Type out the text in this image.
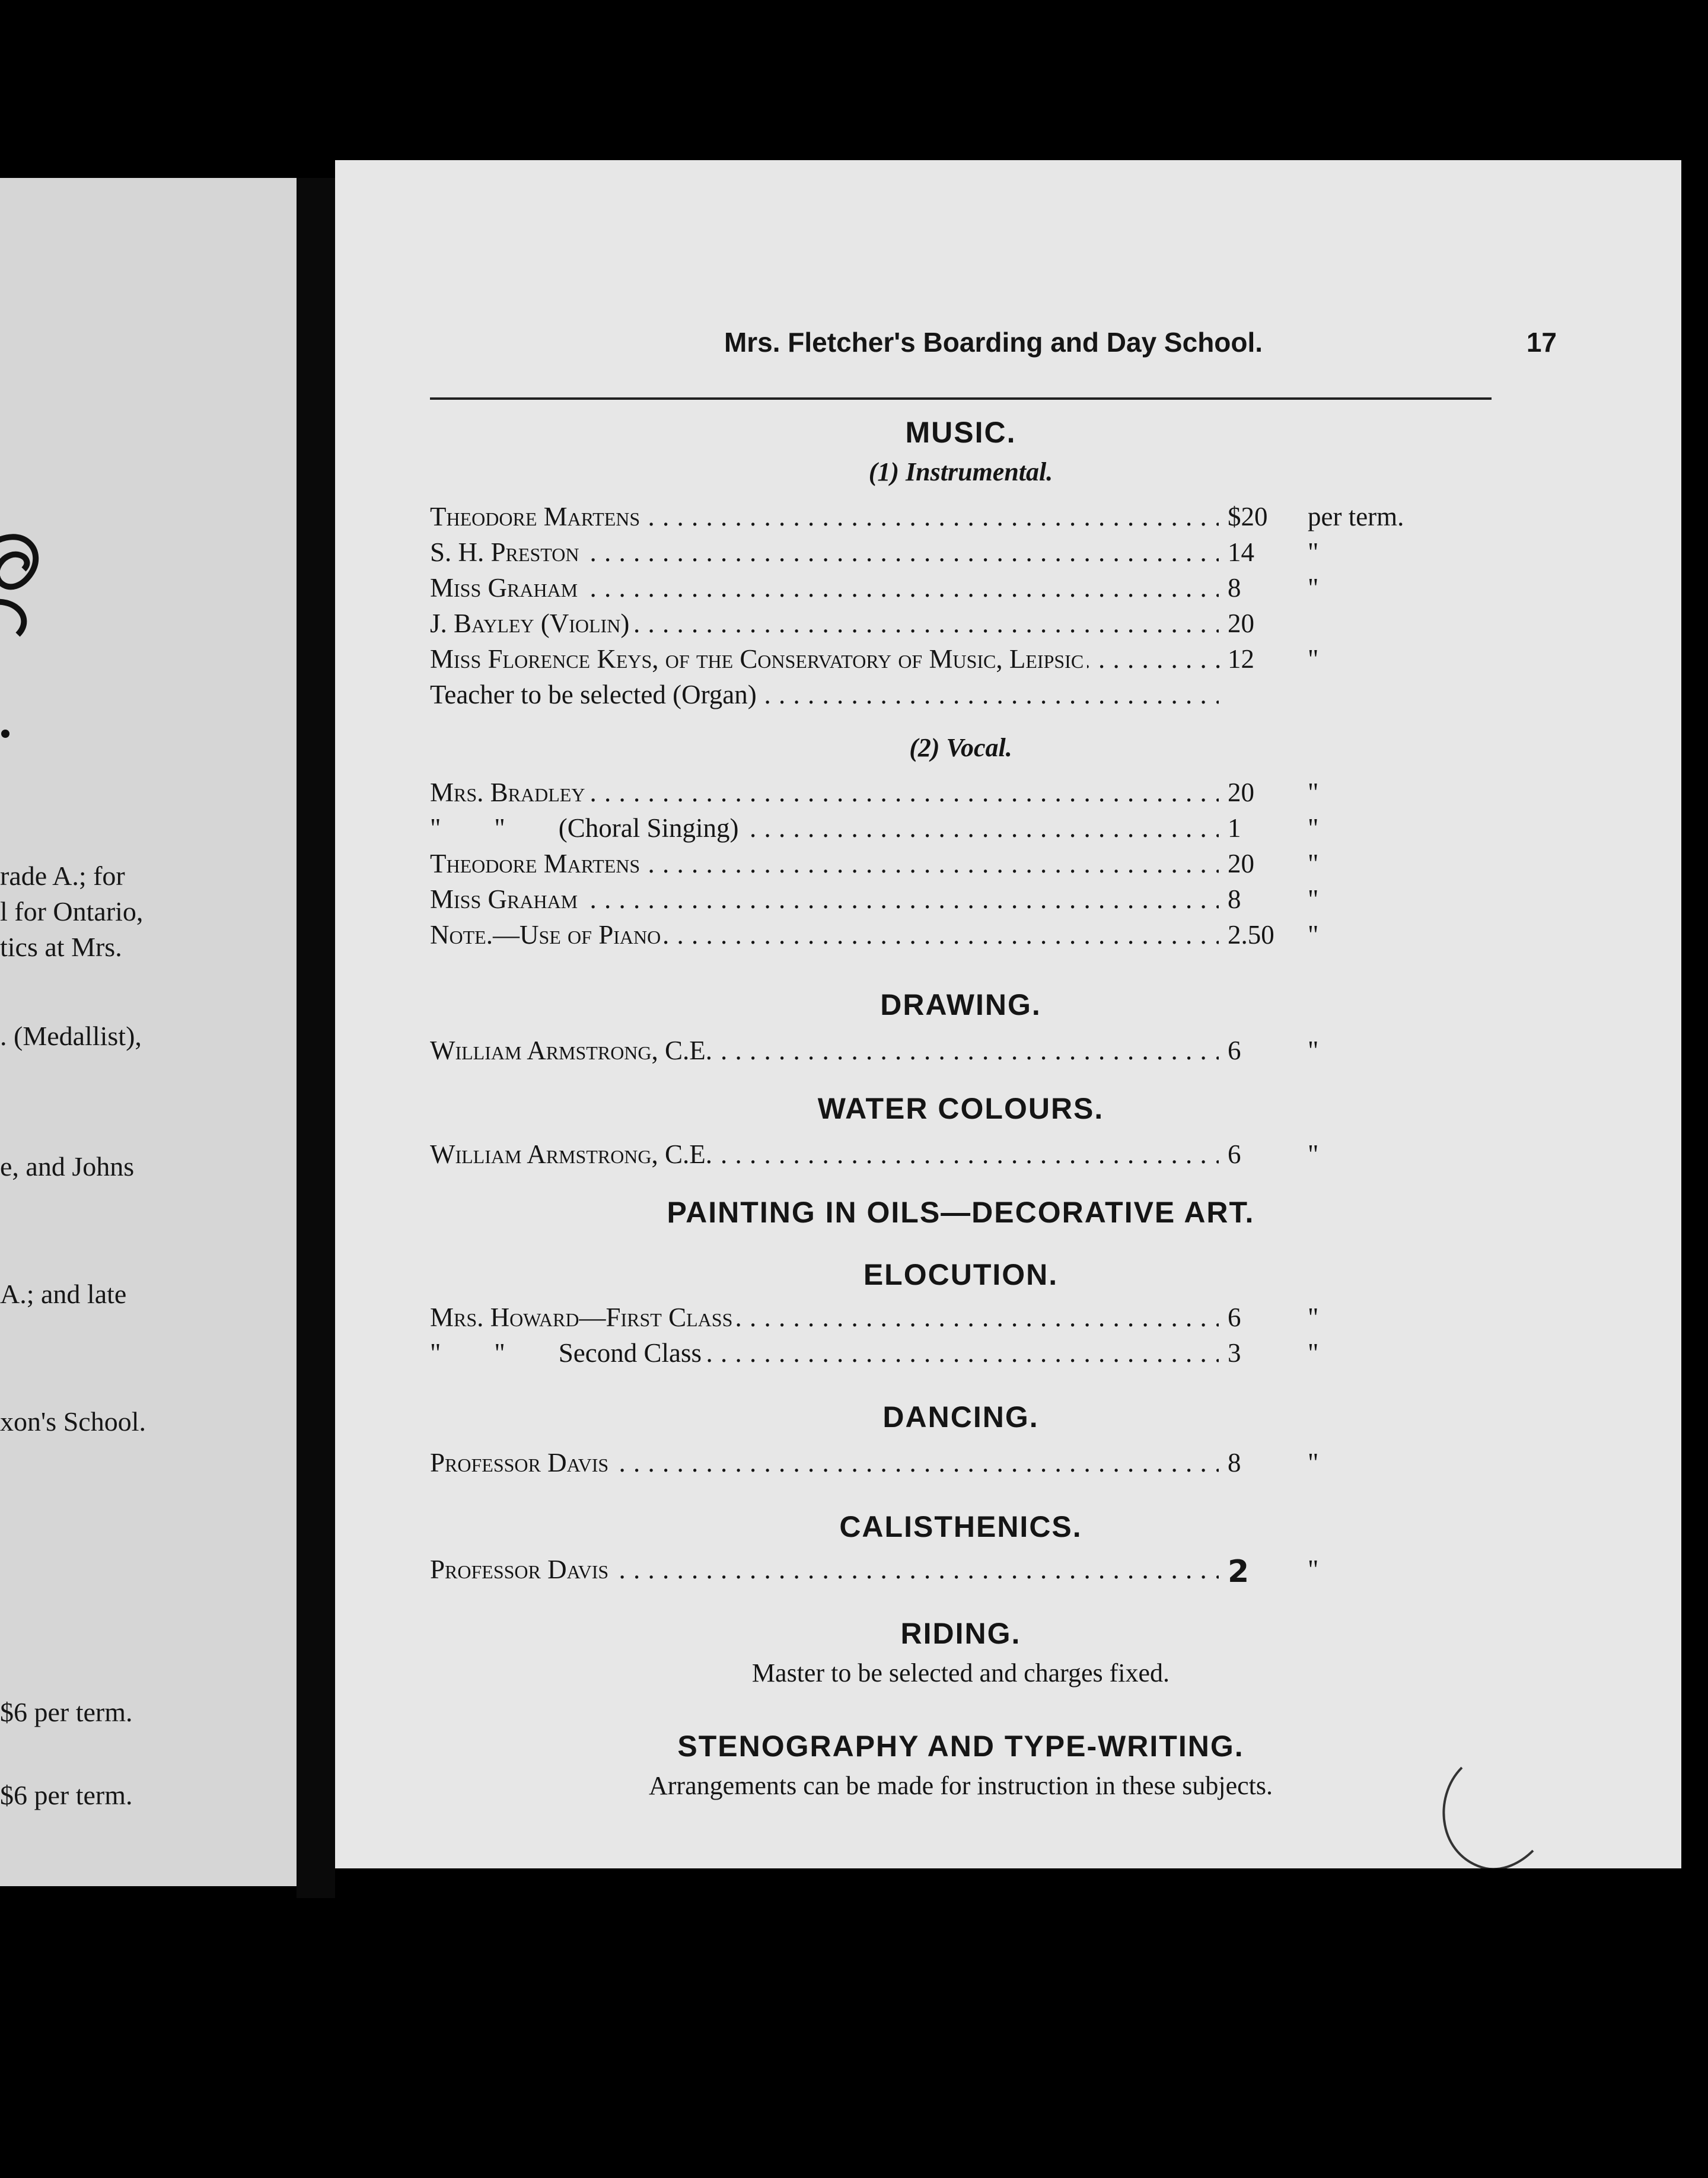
rade A.; for
l for Ontario,
tics at Mrs.
. (Medallist),
e, and Johns
A.; and late
xon's School.
$6 per term.
$6 per term.
Mrs. Fletcher's Boarding and Day School.	17
MUSIC.
(1) Instrumental.
Theodore Martens . . .	$20	per term.
S. H. Preston . . .	14	"
Miss Graham . . .	8	"
J. Bayley (Violin) . . .	20
Miss Florence Keys, of the Conservatory of Music, Leipsic . . .	12	"
Teacher to be selected (Organ) . . .
(2) Vocal.
Mrs. Bradley . . .	20	"
"        "        (Choral Singing) . . .	1	"
Theodore Martens . . .	20	"
Miss Graham . . .	8	"
Note.—Use of Piano . . .	2.50	"
DRAWING.
William Armstrong, C.E. . . .	6	"
WATER COLOURS.
William Armstrong, C.E. . . .	6	"
PAINTING IN OILS—DECORATIVE ART.
ELOCUTION.
Mrs. Howard—First Class . . .	6	"
"        "        Second Class . . .	3	"
DANCING.
Professor Davis . . .	8	"
CALISTHENICS.
Professor Davis . . .	2	"
RIDING.
Master to be selected and charges fixed.
STENOGRAPHY AND TYPE-WRITING.
Arrangements can be made for instruction in these subjects.
